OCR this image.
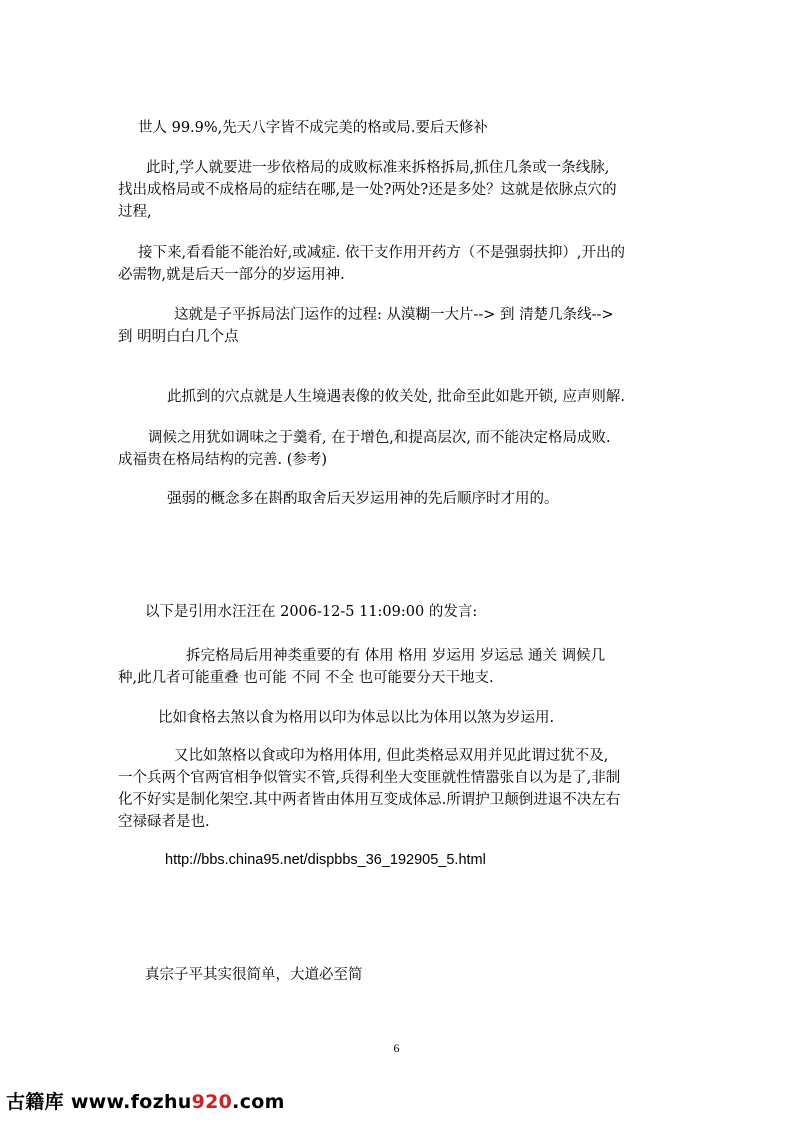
世人 99.9%,先天八字皆不成完美的格或局.要后天修补
此时,学人就要进一步依格局的成败标准来拆格拆局,抓住几条或一条线脉,
找出成格局或不成格局的症结在哪,是一处?两处?还是多处？这就是依脉点穴的
过程,
接下来,看看能不能治好,或减症. 依干支作用开药方（不是强弱扶抑）,开出的
必需物,就是后天一部分的岁运用神.
这就是子平拆局法门运作的过程: 从漠糊一大片--> 到 清楚几条线-->
到 明明白白几个点
此抓到的穴点就是人生境遇表像的攸关处, 批命至此如匙开锁, 应声则解.
调候之用犹如调味之于羹肴, 在于增色,和提高层次, 而不能决定格局成败.
成福贵在格局结构的完善. (参考)
强弱的概念多在斟酌取舍后天岁运用神的先后顺序时才用的。
以下是引用水汪汪在 2006-12-5 11:09:00 的发言:
拆完格局后用神类重要的有 体用 格用 岁运用 岁运忌 通关 调候几
种,此几者可能重叠 也可能 不同 不全 也可能要分天干地支.
比如食格去煞以食为格用以印为体忌以比为体用以煞为岁运用.
又比如煞格以食或印为格用体用, 但此类格忌双用并见此谓过犹不及,
一个兵两个官两官相争似管实不管,兵得利坐大变匪就性情嚣张自以为是了,非制
化不好实是制化架空.其中两者皆由体用互变成体忌.所谓护卫颠倒进退不决左右
空禄碌者是也.
http://bbs.china95.net/dispbbs_36_192905_5.html
真宗子平其实很简单，大道必至简
6
古籍库 www.fozhu920.com
